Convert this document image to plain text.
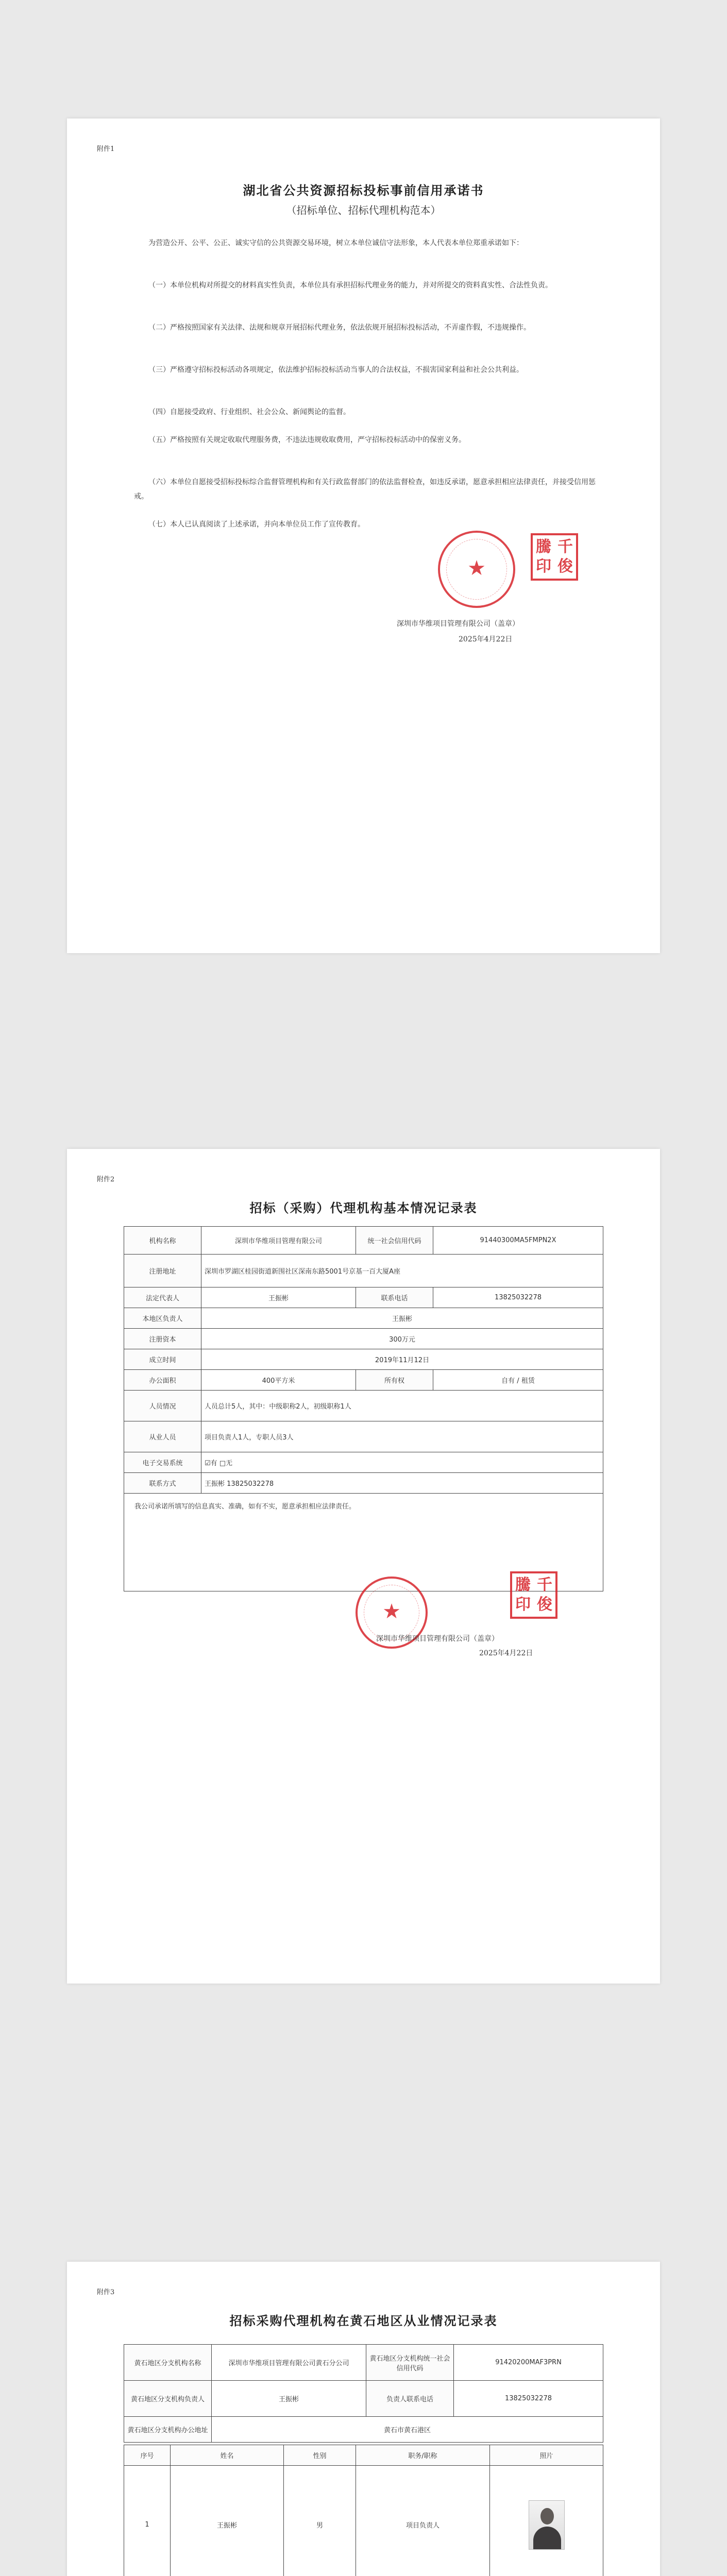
附件1
湖北省公共资源招标投标事前信用承诺书
（招标单位、招标代理机构范本）
为营造公开、公平、公正、诚实守信的公共资源交易环境，树立本单位诚信守法形象，本人代表本单位郑重承诺如下：
（一）本单位机构对所提交的材料真实性负责，本单位具有承担招标代理业务的能力，并对所提交的资料真实性、合法性负责。
（二）严格按照国家有关法律、法规和规章开展招标代理业务，依法依规开展招标投标活动，不弄虚作假，不违规操作。
（三）严格遵守招标投标活动各项规定，依法维护招标投标活动当事人的合法权益，不损害国家利益和社会公共利益。
（四）自愿接受政府、行业组织、社会公众、新闻舆论的监督。
（五）严格按照有关规定收取代理服务费，不违法违规收取费用，严守招标投标活动中的保密义务。
（六）本单位自愿接受招标投标综合监督管理机构和有关行政监督部门的依法监督检查，如违反承诺，愿意承担相应法律责任，并接受信用惩戒。
（七）本人已认真阅读了上述承诺，并向本单位员工作了宣传教育。
★
騰 千
印 俊
深圳市华维项目管理有限公司（盖章）
2025年4月22日
附件2
招标（采购）代理机构基本情况记录表
机构名称	深圳市华维项目管理有限公司	统一社会信用代码	91440300MA5FMPN2X
注册地址	深圳市罗湖区桂园街道新围社区深南东路5001号京基一百大厦A座		
法定代表人	王振彬	联系电话	13825032278
本地区负责人	王振彬		
注册资本	300万元		
成立时间	2019年11月12日		
办公面积	400平方米	所有权	自有 / 租赁
人员情况	人员总计5人，其中：中级职称2人，初级职称1人		
从业人员	项目负责人1人，专职人员3人		
电子交易系统	☑有 □无		
联系方式	王振彬 13825032278		

我公司承诺所填写的信息真实、准确，如有不实，愿意承担相应法律责任。			
★
騰 千
印 俊
深圳市华维项目管理有限公司（盖章）
2025年4月22日
附件3
招标采购代理机构在黄石地区从业情况记录表
黄石地区分支机构名称	深圳市华维项目管理有限公司黄石分公司	黄石地区分支机构统一社会信用代码	91420200MAF3PRN
黄石地区分支机构负责人	王振彬	负责人联系电话	13825032278
黄石地区分支机构办公地址	黄石市黄石港区		
序号	姓名	性别	职务/职称	照片
1	王振彬	男	项目负责人	
